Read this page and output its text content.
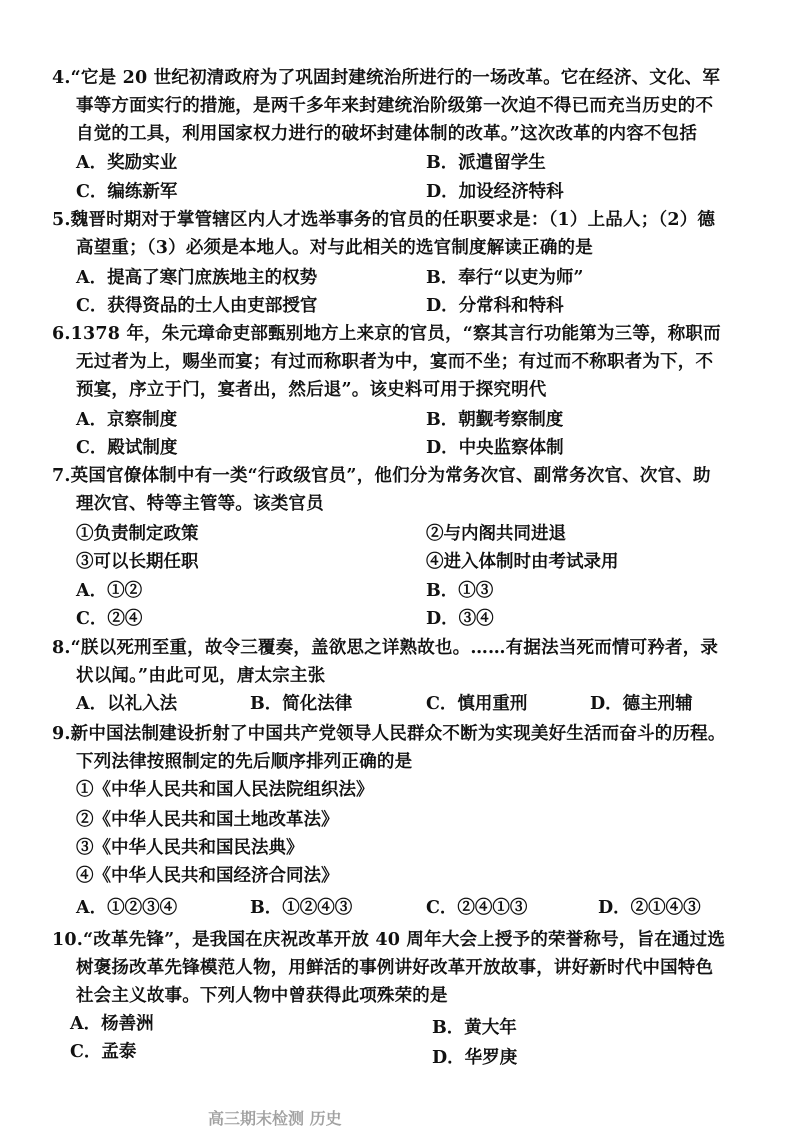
4.“它是 20 世纪初清政府为了巩固封建统治所进行的一场改革。它在经济、文化、军
事等方面实行的措施，是两千多年来封建统治阶级第一次迫不得已而充当历史的不
自觉的工具，利用国家权力进行的破坏封建体制的改革。”这次改革的内容不包括
A．奖励实业	B．派遣留学生
C．编练新军	D．加设经济特科
5.魏晋时期对于掌管辖区内人才选举事务的官员的任职要求是：（1）上品人；（2）德
高望重；（3）必须是本地人。对与此相关的选官制度解读正确的是
A．提高了寒门庶族地主的权势	B．奉行“以吏为师”
C．获得资品的士人由吏部授官	D．分常科和特科
6.1378 年，朱元璋命吏部甄别地方上来京的官员，“察其言行功能第为三等，称职而
无过者为上，赐坐而宴；有过而称职者为中，宴而不坐；有过而不称职者为下，不
预宴，序立于门，宴者出，然后退”。该史料可用于探究明代
A．京察制度	B．朝觐考察制度
C．殿试制度	D．中央监察体制
7.英国官僚体制中有一类“行政级官员”，他们分为常务次官、副常务次官、次官、助
理次官、特等主管等。该类官员
①负责制定政策	②与内阁共同进退
③可以长期任职	④进入体制时由考试录用
A．①②	B．①③
C．②④	D．③④
8.“朕以死刑至重，故令三覆奏，盖欲思之详熟故也。……有据法当死而情可矜者，录
状以闻。”由此可见，唐太宗主张
A．以礼入法	B．简化法律	C．慎用重刑	D．德主刑辅
9.新中国法制建设折射了中国共产党领导人民群众不断为实现美好生活而奋斗的历程。
下列法律按照制定的先后顺序排列正确的是
①《中华人民共和国人民法院组织法》
②《中华人民共和国土地改革法》
③《中华人民共和国民法典》
④《中华人民共和国经济合同法》
A．①②③④	B．①②④③	C．②④①③	D．②①④③
10.“改革先锋”，是我国在庆祝改革开放 40 周年大会上授予的荣誉称号，旨在通过选
树褒扬改革先锋模范人物，用鲜活的事例讲好改革开放故事，讲好新时代中国特色
社会主义故事。下列人物中曾获得此项殊荣的是
A．杨善洲	B．黄大年
C．孟泰	D．华罗庚
高三期末检测 历史
